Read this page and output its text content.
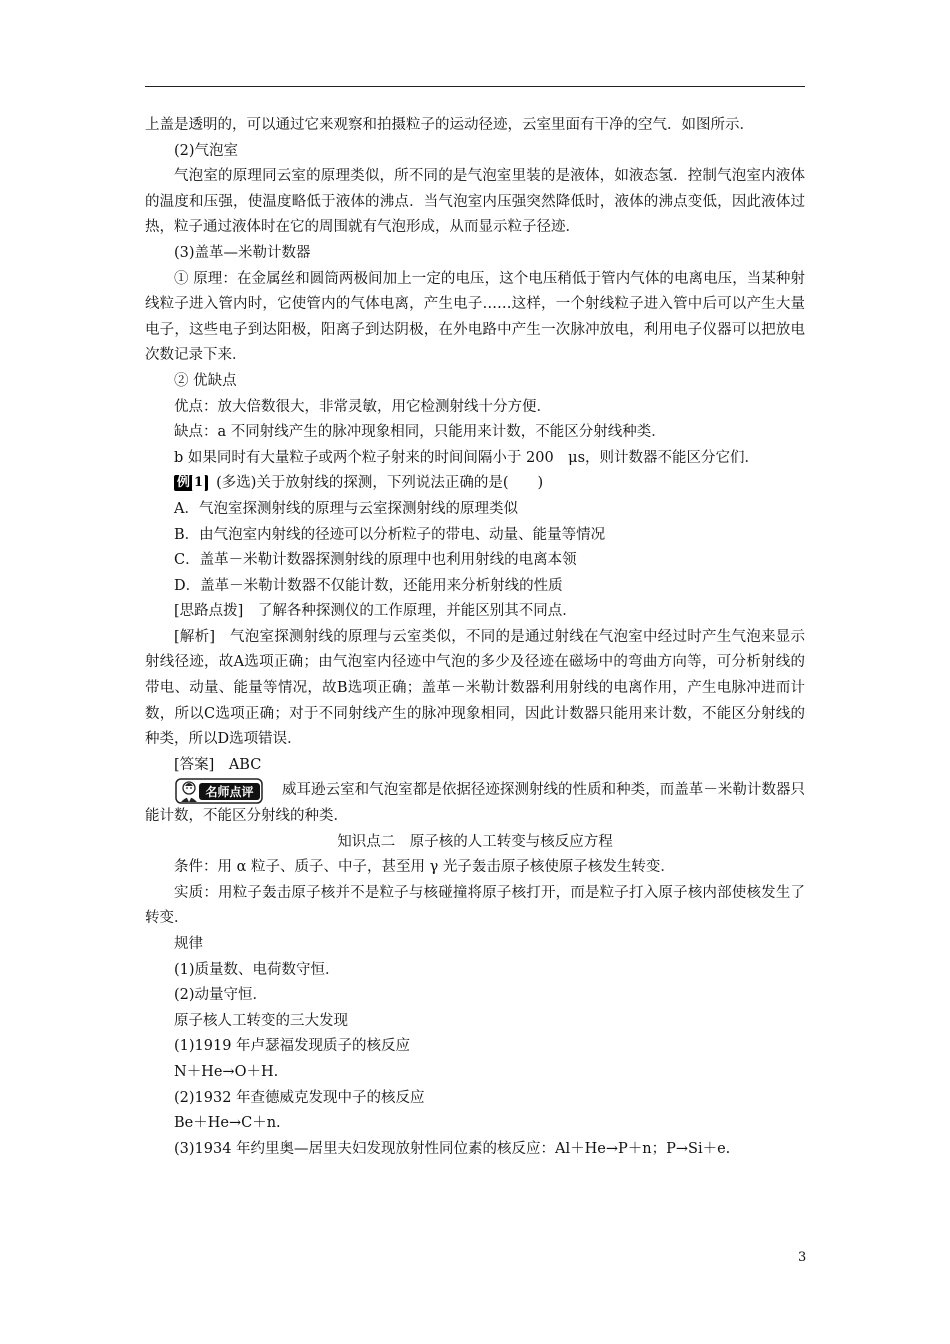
上盖是透明的，可以通过它来观察和拍摄粒子的运动径迹，云室里面有干净的空气．如图所示．

(2)气泡室

气泡室的原理同云室的原理类似，所不同的是气泡室里装的是液体，如液态氢．控制气泡室内液体的温度和压强，使温度略低于液体的沸点．当气泡室内压强突然降低时，液体的沸点变低，因此液体过热，粒子通过液体时在它的周围就有气泡形成，从而显示粒子径迹．

(3)盖革—米勒计数器

① 原理：在金属丝和圆筒两极间加上一定的电压，这个电压稍低于管内气体的电离电压，当某种射线粒子进入管内时，它使管内的气体电离，产生电子……这样，一个射线粒子进入管中后可以产生大量电子，这些电子到达阳极，阳离子到达阴极，在外电路中产生一次脉冲放电，利用电子仪器可以把放电次数记录下来．

② 优缺点

优点：放大倍数很大，非常灵敏，用它检测射线十分方便．

缺点：a 不同射线产生的脉冲现象相同，只能用来计数，不能区分射线种类．

b 如果同时有大量粒子或两个粒子射来的时间间隔小于 200　μs，则计数器不能区分它们．

例 1 (多选)关于放射线的探测，下列说法正确的是(　　)

A．气泡室探测射线的原理与云室探测射线的原理类似

B．由气泡室内射线的径迹可以分析粒子的带电、动量、能量等情况

C．盖革－米勒计数器探测射线的原理中也利用射线的电离本领

D．盖革－米勒计数器不仅能计数，还能用来分析射线的性质

[思路点拨]　了解各种探测仪的工作原理，并能区别其不同点．

[解析]　气泡室探测射线的原理与云室类似，不同的是通过射线在气泡室中经过时产生气泡来显示射线径迹，故A选项正确；由气泡室内径迹中气泡的多少及径迹在磁场中的弯曲方向等，可分析射线的带电、动量、能量等情况，故B选项正确；盖革－米勒计数器利用射线的电离作用，产生电脉冲进而计数，所以C选项正确；对于不同射线产生的脉冲现象相同，因此计数器只能用来计数，不能区分射线的种类，所以D选项错误．

[答案]　ABC

名师点评	威耳逊云室和气泡室都是依据径迹探测射线的性质和种类，而盖革－米勒计数器只能计数，不能区分射线的种类．

知识点二　原子核的人工转变与核反应方程

条件：用 α 粒子、质子、中子，甚至用 γ 光子轰击原子核使原子核发生转变．

实质：用粒子轰击原子核并不是粒子与核碰撞将原子核打开，而是粒子打入原子核内部使核发生了转变．

规律

(1)质量数、电荷数守恒．

(2)动量守恒．

原子核人工转变的三大发现

(1)1919 年卢瑟福发现质子的核反应

N＋He→O＋H.

(2)1932 年查德威克发现中子的核反应

Be＋He→C＋n.

(3)1934 年约里奥—居里夫妇发现放射性同位素的核反应：Al＋He→P＋n；P→Si＋e.

3
